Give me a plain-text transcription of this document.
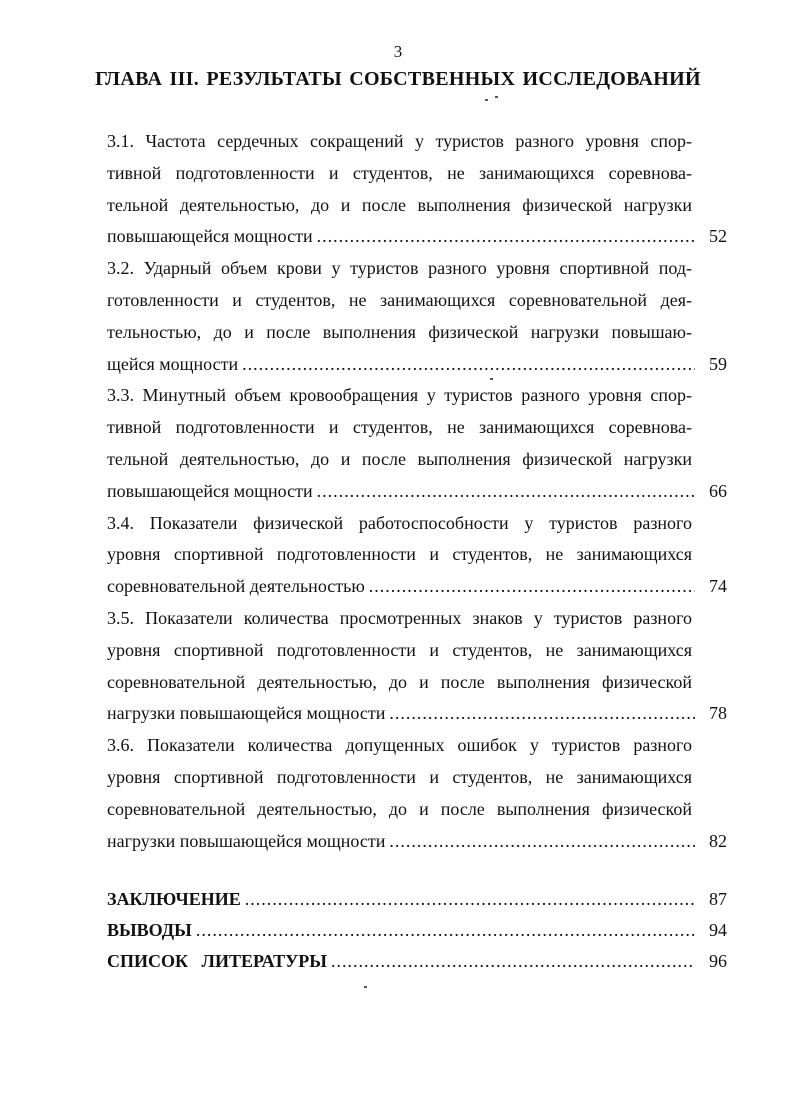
3
ГЛАВА III. РЕЗУЛЬТАТЫ СОБСТВЕННЫХ ИССЛЕДОВАНИЙ
3.1. Частота сердечных сокращений у туристов разного уровня спор-
тивной подготовленности и студентов, не занимающихся соревнова-
тельной деятельностью, до и после выполнения физической нагрузки
повышающейся мощности .....	52
3.2. Ударный объем крови у туристов разного уровня спортивной под-
готовленности и студентов, не занимающихся соревновательной дея-
тельностью, до и после выполнения физической нагрузки повышаю-
щейся мощности .....	59
3.3. Минутный объем кровообращения у туристов разного уровня спор-
тивной подготовленности и студентов, не занимающихся соревнова-
тельной деятельностью, до и после выполнения физической нагрузки
повышающейся мощности .....	66
3.4. Показатели физической работоспособности у туристов разного
уровня спортивной подготовленности и студентов, не занимающихся
соревновательной деятельностью .....	74
3.5. Показатели количества просмотренных знаков у туристов разного
уровня спортивной подготовленности и студентов, не занимающихся
соревновательной деятельностью, до и после выполнения физической
нагрузки повышающейся мощности .....	78
3.6. Показатели количества допущенных ошибок у туристов разного
уровня спортивной подготовленности и студентов, не занимающихся
соревновательной деятельностью, до и после выполнения физической
нагрузки повышающейся мощности .....	82
ЗАКЛЮЧЕНИЕ .....	87
ВЫВОДЫ .....	94
СПИСОК   ЛИТЕРАТУРЫ .....	96
